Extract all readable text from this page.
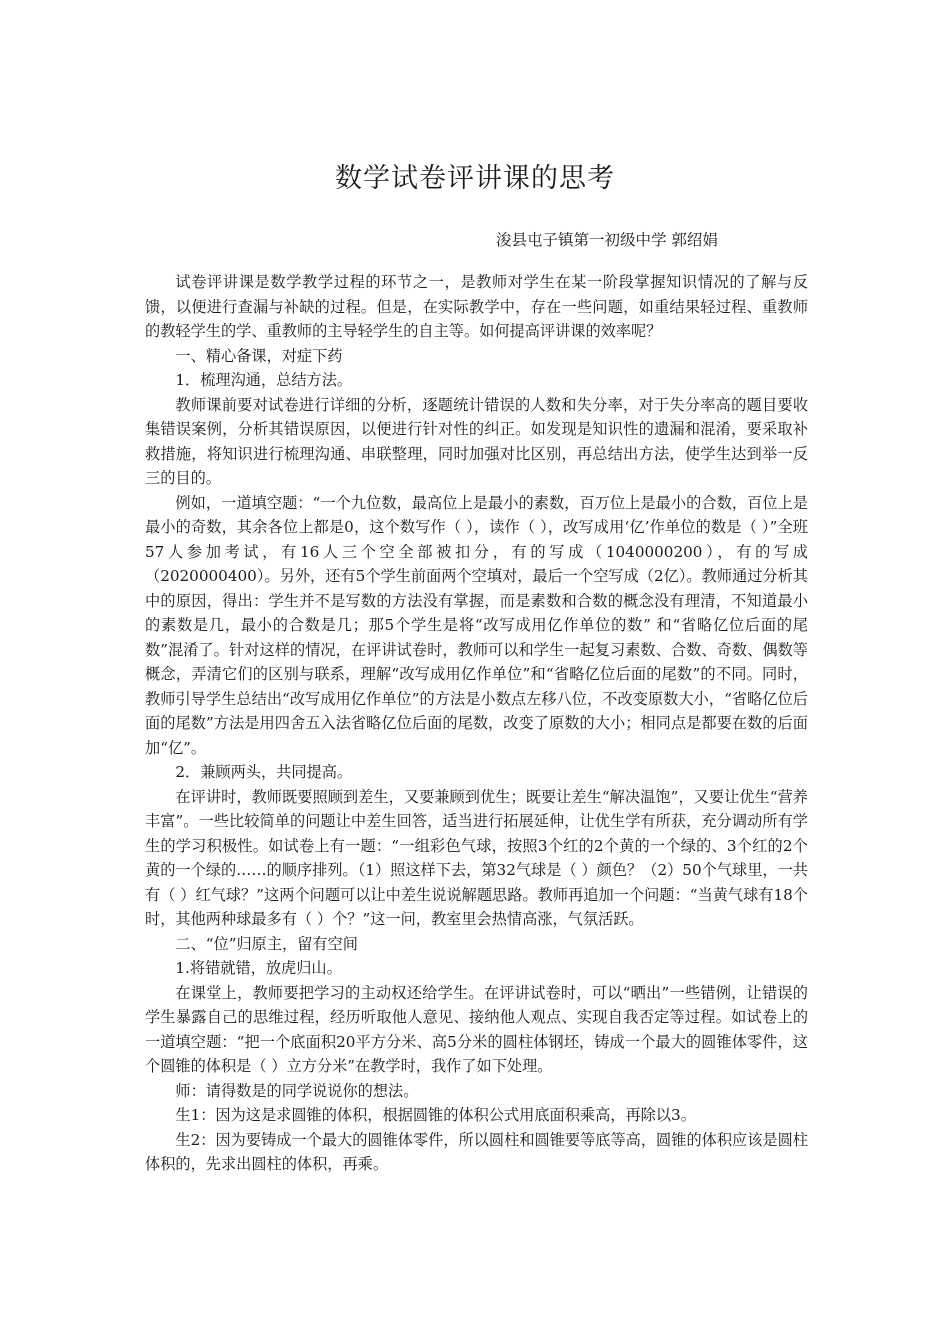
数学试卷评讲课的思考
浚县屯子镇第一初级中学 郭绍娟

试卷评讲课是数学教学过程的环节之一，是教师对学生在某一阶段掌握知识情况的了解与反馈，以便进行查漏与补缺的过程。但是，在实际教学中，存在一些问题，如重结果轻过程、重教师的教轻学生的学、重教师的主导轻学生的自主等。如何提高评讲课的效率呢？

一、精心备课，对症下药

1．梳理沟通，总结方法。

教师课前要对试卷进行详细的分析，逐题统计错误的人数和失分率，对于失分率高的题目要收集错误案例，分析其错误原因，以便进行针对性的纠正。如发现是知识性的遗漏和混淆，要采取补救措施，将知识进行梳理沟通、串联整理，同时加强对比区别，再总结出方法，使学生达到举一反三的目的。

例如，一道填空题：“一个九位数，最高位上是最小的素数，百万位上是最小的合数，百位上是最小的奇数，其余各位上都是0，这个数写作（ ），读作（ ），改写成用‘亿’作单位的数是（ ）”全班57人参加考试，有16人三个空全部被扣分，有的写成（1040000200），有的写成（2020000400）。另外，还有5个学生前面两个空填对，最后一个空写成（2亿）。教师通过分析其中的原因，得出：学生并不是写数的方法没有掌握，而是素数和合数的概念没有理清，不知道最小的素数是几，最小的合数是几；那5个学生是将“改写成用亿作单位的数” 和“省略亿位后面的尾数”混淆了。针对这样的情况，在评讲试卷时，教师可以和学生一起复习素数、合数、奇数、偶数等概念，弄清它们的区别与联系，理解“改写成用亿作单位”和“省略亿位后面的尾数”的不同。同时，教师引导学生总结出“改写成用亿作单位”的方法是小数点左移八位，不改变原数大小，“省略亿位后面的尾数”方法是用四舍五入法省略亿位后面的尾数，改变了原数的大小；相同点是都要在数的后面加“亿”。

2．兼顾两头，共同提高。

在评讲时，教师既要照顾到差生，又要兼顾到优生；既要让差生“解决温饱”，又要让优生“营养丰富”。一些比较简单的问题让中差生回答，适当进行拓展延伸，让优生学有所获，充分调动所有学生的学习积极性。如试卷上有一题：“一组彩色气球，按照3个红的2个黄的一个绿的、3个红的2个黄的一个绿的……的顺序排列。（1）照这样下去，第32气球是（ ）颜色？（2）50个气球里，一共有（ ）红气球？”这两个问题可以让中差生说说解题思路。教师再追加一个问题：“当黄气球有18个时，其他两种球最多有（ ）个？”这一问，教室里会热情高涨，气氛活跃。

二、“位”归原主，留有空间

1.将错就错，放虎归山。

在课堂上，教师要把学习的主动权还给学生。在评讲试卷时，可以“晒出”一些错例，让错误的学生暴露自己的思维过程，经历听取他人意见、接纳他人观点、实现自我否定等过程。如试卷上的一道填空题：“把一个底面积20平方分米、高5分米的圆柱体钢坯，铸成一个最大的圆锥体零件，这个圆锥的体积是（ ）立方分米”在教学时，我作了如下处理。

师：请得数是的同学说说你的想法。

生1：因为这是求圆锥的体积，根据圆锥的体积公式用底面积乘高，再除以3。

生2：因为要铸成一个最大的圆锥体零件，所以圆柱和圆锥要等底等高，圆锥的体积应该是圆柱体积的，先求出圆柱的体积，再乘。
